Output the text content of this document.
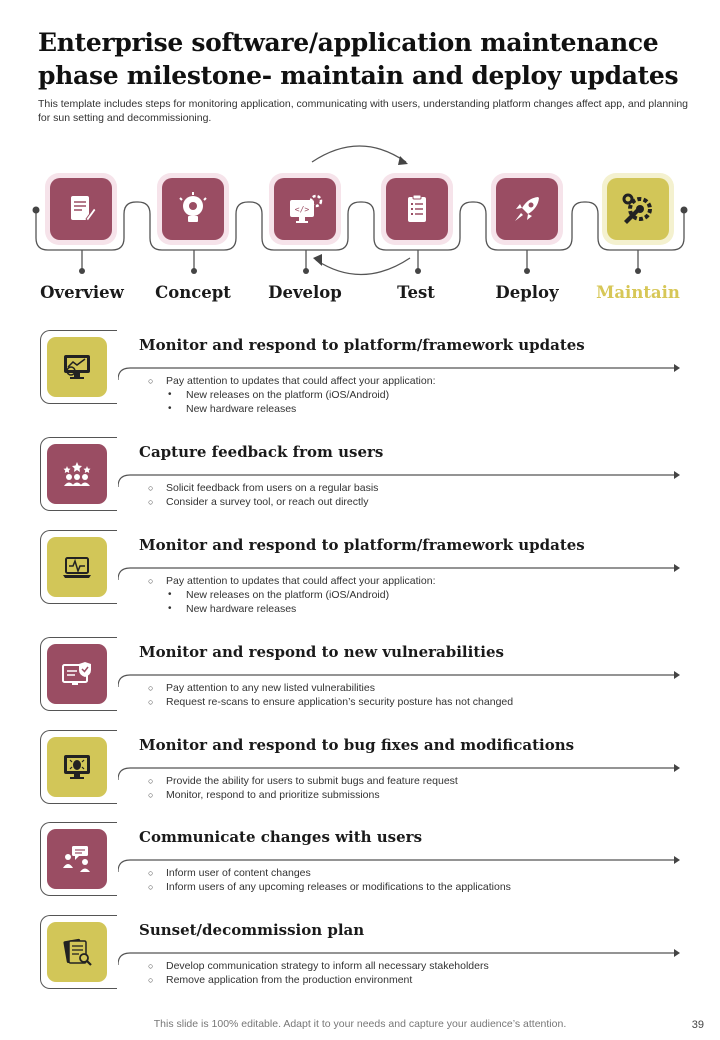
Enterprise software/application maintenance
phase milestone- maintain and deploy updates

This template includes steps for monitoring application, communicating with users, understanding platform changes affect app, and planning for sun setting and decommissioning.

</>
Overview	Concept	Develop	Test	Deploy	Maintain
Monitor and respond to platform/framework updates
○ Pay attention to updates that could affect your application:
• New releases on the platform (iOS/Android)
• New hardware releases
Capture feedback from users
○ Solicit feedback from users on a regular basis
○ Consider a survey tool, or reach out directly
Monitor and respond to platform/framework updates
○ Pay attention to updates that could affect your application:
• New releases on the platform (iOS/Android)
• New hardware releases
Monitor and respond to new vulnerabilities
○ Pay attention to any new listed vulnerabilities
○ Request re-scans to ensure application’s security posture has not changed
Monitor and respond to bug fixes and modifications
○ Provide the ability for users to submit bugs and feature request
○ Monitor, respond to and prioritize submissions
Communicate changes with users
○ Inform user of content changes
○ Inform users of any upcoming releases or modifications to the applications
Sunset/decommission plan
○ Develop communication strategy to inform all necessary stakeholders
○ Remove application from the production environment
This slide is 100% editable. Adapt it to your needs and capture your audience’s attention.	39
